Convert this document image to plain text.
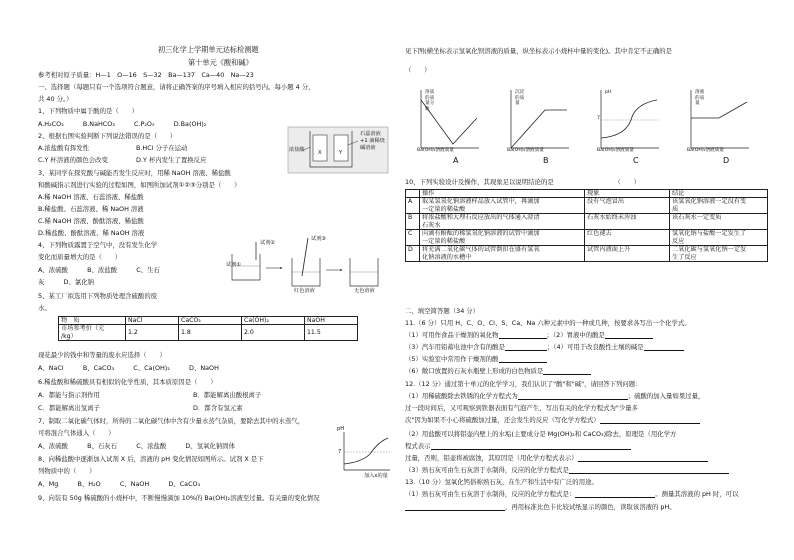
初三化学上学期单元达标检测题
第十单元《酸和碱》
参考相对原子质量：H—1　O—16　S—32　Ba—137　Ca—40　Na—23
一、选择题（每题只有一个选项符合题意，请将正确答案的序号填入相应的括号内。每小题 4 分，
共 40 分。）
1、下列物质中属于酸的是（　　）
A.H₂CO₃　　　B.NaHCO₃　　　C.P₂O₅　　　D.Ba(OH)₂
2、根据右图实验判断下列说法错误的是（　　）
A.浓盐酸有挥发性	B.HCl 分子在运动
C.Y 杯溶液的颜色会改变	D.Y 杯内发生了置换反应
浓盐酸	X	Y
石蕊溶液
+1 滴稀烧
碱溶液
3、某同学在探究酸与碱能否发生反应时，用稀 NaOH 溶液、稀盐酸
和酸碱指示剂进行实验的过程如图，如图所加试剂①②③分别是（　　）
A.稀 NaOH 溶液、石蕊溶液、稀盐酸
B.稀盐酸、石蕊溶液、稀 NaOH 溶液
C.稀 NaOH 溶液、酚酞溶液、稀盐酸
D.稀盐酸、酚酞溶液、稀 NaOH 溶液
4、下列物质露置于空气中，没有发生化学
变化而质量增大的是（　　）
A、浓硫酸　　　B、浓盐酸　　　C、生石
灰　　　D、氯化钠
试剂②
试剂①
试剂③
红色溶液	无色溶液
5、某工厂拟选用下列物质处理含硫酸的废
水。
物　质	NaCl	CaCO₃	Ca(OH)₂	NaOH
市场参考价（元
/kg）	1.2	1.8	2.0	11.5
现花最少的钱中和等量的废水应选择（　　）
A、NaCl　　　B、CaCO₃　　　C、Ca(OH)₂　　　D、NaOH
6.稀盐酸和稀硫酸具有相似的化学性质，其本质原因是（　　）
A．都能与指示剂作用	B．都能解离出酸根离子
C．都能解离出氢离子	D．都含有氢元素
7、制取二氧化碳气体时，所得的二氧化碳气体中含有少量水蒸气杂质，要除去其中的水蒸气，
可将混合气体通入（　　）
A、浓硫酸　　　B、石灰石　　　C、浓盐酸　　　D、氢氧化钠固体
8、向稀盐酸中逐渐加入试剂 X 后，溶液的 pH 变化情况如图所示。试剂 X 是下
列物质中的（　　）
A、Mg　　　B、H₂O　　　C、NaOH　　　D、CaCO₃
pH
7
加入x的量
9、向装有 50g 稀硫酸的小烧杯中，不断慢慢滴加 10%的 Ba(OH)₂溶液至过量。有关量的变化情况
见下图(横坐标表示氢氧化钡溶液的质量，纵坐标表示小烧杯中量的变化)。其中肯定不正确的是
（　　）
溶质的质量分数
沉淀的质量
pH
7
溶液的质量
Ba(OH)₂溶液质量	Ba(OH)₂溶液质量	Ba(OH)₂溶液质量	Ba(OH)₂溶液质量
A	B	C	D
10、下列实验设计及操作，其现象足以说明结论的是　　　　　　　　　　（　　）
	操作	现象	结论
A	取某氢氧化钠溶液样品放入试管中，再滴加
一定量的稀盐酸	没有气泡冒出	该氢氧化钠溶液一定没有变
质
B	将浓盐酸和大理石反应放出的气体通入澄清
石灰水	石灰水始终未浑浊	该石灰水一定变质

C	向滴有酚酞的稀氢氧化钠溶液的试管中滴加
一定量的稀盐酸	红色褪去	氢氧化钠与盐酸一定发生了
反应
D	将充满二氧化碳气体的试管倒扣在盛有氢氧
化钠溶液的水槽中	试管内液面上升	二氧化碳与氢氧化钠一定发
生了反应
二、填空简答题（34 分）
11.（6 分）只用 H、C、O、Cl、S、Ca、Na 六种元素中的一种或几种，按要求各写出一个化学式。
（1）可用作食品干燥剂的氧化物	；（2）胃液中的酸是
（3）汽车用铅蓄电池中含有的酸是	；（4）可用于改良酸性土壤的碱是
（5）实验室中常用作干燥剂的酸
（6）敞口放置的石灰水瓶壁上形成的白色物质是
12.（12 分）通过第十单元的化学学习，我们认识了"酸"和"碱"，请回答下列问题：
（1）用稀硫酸除去铁锈的化学方程式为	；硫酸的加入量如果过量，
过一段时间后，又可观察到铁器表面有气泡产生，写出有关的化学方程式为"少量多
次"因为如果不小心将硫酸加过量，还会发生的反应（写化学方程式）
（2）用盐酸可以将铝壶内壁上的水垢(主要成分是 Mg(OH)₂和 CaCO₃)除去，原理是（用化学方
程式表示
过量，否则，铝壶将被腐蚀，其原因是（用化学方程式表示）
（3）熟石灰可由生石灰溶于水制得，反应的化学方程式是
13.（10 分）氢氧化钙俗称熟石灰，在生产和生活中有广泛的用途。
（1）熟石灰可由生石灰溶于水制得，反应的化学方程式是：	。测量其溶液的 pH 时，可以
，再用标准比色卡比较试纸显示的颜色，读取该溶液的 pH。
